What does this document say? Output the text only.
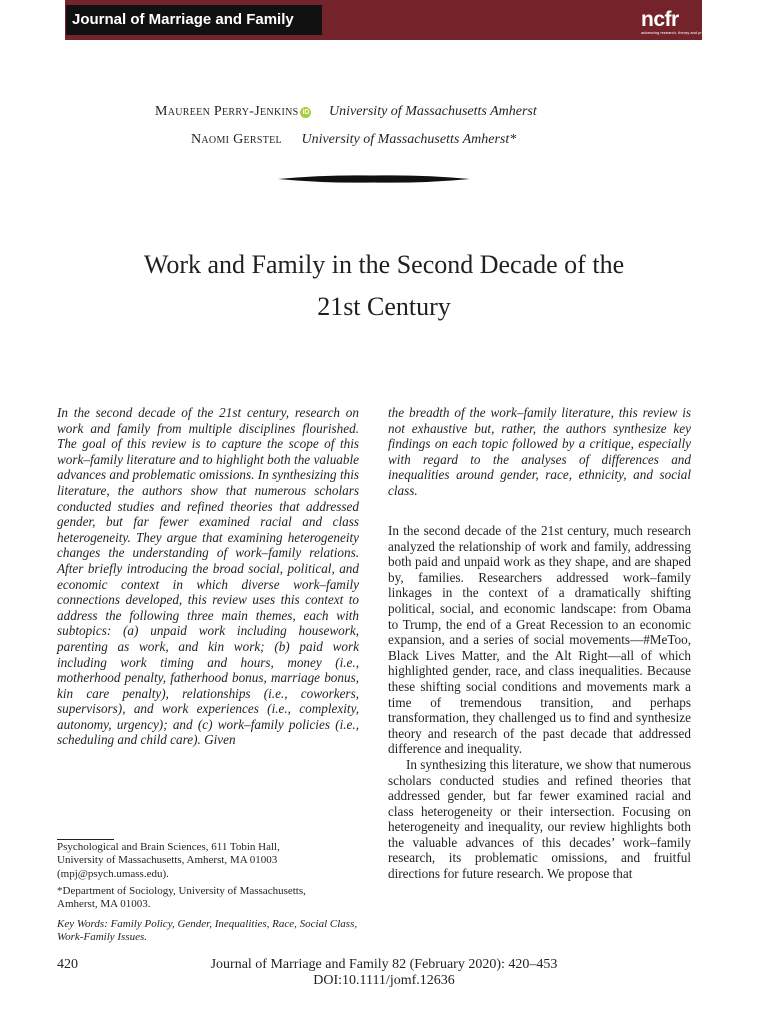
Journal of Marriage and Family	ncfr
advancing research, theory and practice
Maureen Perry-Jenkins iD University of Massachusetts Amherst
Naomi Gerstel University of Massachusetts Amherst*
Work and Family in the Second Decade of the
21st Century
In the second decade of the 21st century, research on work and family from multiple disciplines flourished. The goal of this review is to capture the scope of this work–family literature and to highlight both the valuable advances and problematic omissions. In synthesizing this literature, the authors show that numerous scholars conducted studies and refined theories that addressed gender, but far fewer examined racial and class heterogeneity. They argue that examining heterogeneity changes the understanding of work–family relations. After briefly introducing the broad social, political, and economic context in which diverse work–family connections developed, this review uses this context to address the following three main themes, each with subtopics: (a) unpaid work including housework, parenting as work, and kin work; (b) paid work including work timing and hours, money (i.e., motherhood penalty, fatherhood bonus, marriage bonus, kin care penalty), relationships (i.e., coworkers, supervisors), and work experiences (i.e., complexity, autonomy, urgency); and (c) work–family policies (i.e., scheduling and child care). Given
the breadth of the work–family literature, this review is not exhaustive but, rather, the authors synthesize key findings on each topic followed by a critique, especially with regard to the analyses of differences and inequalities around gender, race, ethnicity, and social class.

In the second decade of the 21st century, much research analyzed the relationship of work and family, addressing both paid and unpaid work as they shape, and are shaped by, families. Researchers addressed work–family linkages in the context of a dramatically shifting political, social, and economic landscape: from Obama to Trump, the end of a Great Recession to an economic expansion, and a series of social movements—#MeToo, Black Lives Matter, and the Alt Right—all of which highlighted gender, race, and class inequalities. Because these shifting social conditions and movements mark a time of tremendous transition, and perhaps transformation, they challenged us to find and synthesize theory and research of the past decade that addressed difference and inequality.

In synthesizing this literature, we show that numerous scholars conducted studies and refined theories that addressed gender, but far fewer examined racial and class heterogeneity or their intersection. Focusing on heterogeneity and inequality, our review highlights both the valuable advances of this decades’ work–family research, its problematic omissions, and fruitful directions for future research. We propose that

Psychological and Brain Sciences, 611 Tobin Hall,
University of Massachusetts, Amherst, MA 01003
(mpj@psych.umass.edu).
*Department of Sociology, University of Massachusetts,
Amherst, MA 01003.
Key Words: Family Policy, Gender, Inequalities, Race, Social Class, Work-Family Issues.
420	Journal of Marriage and Family 82 (February 2020): 420–453
DOI:10.1111/jomf.12636
